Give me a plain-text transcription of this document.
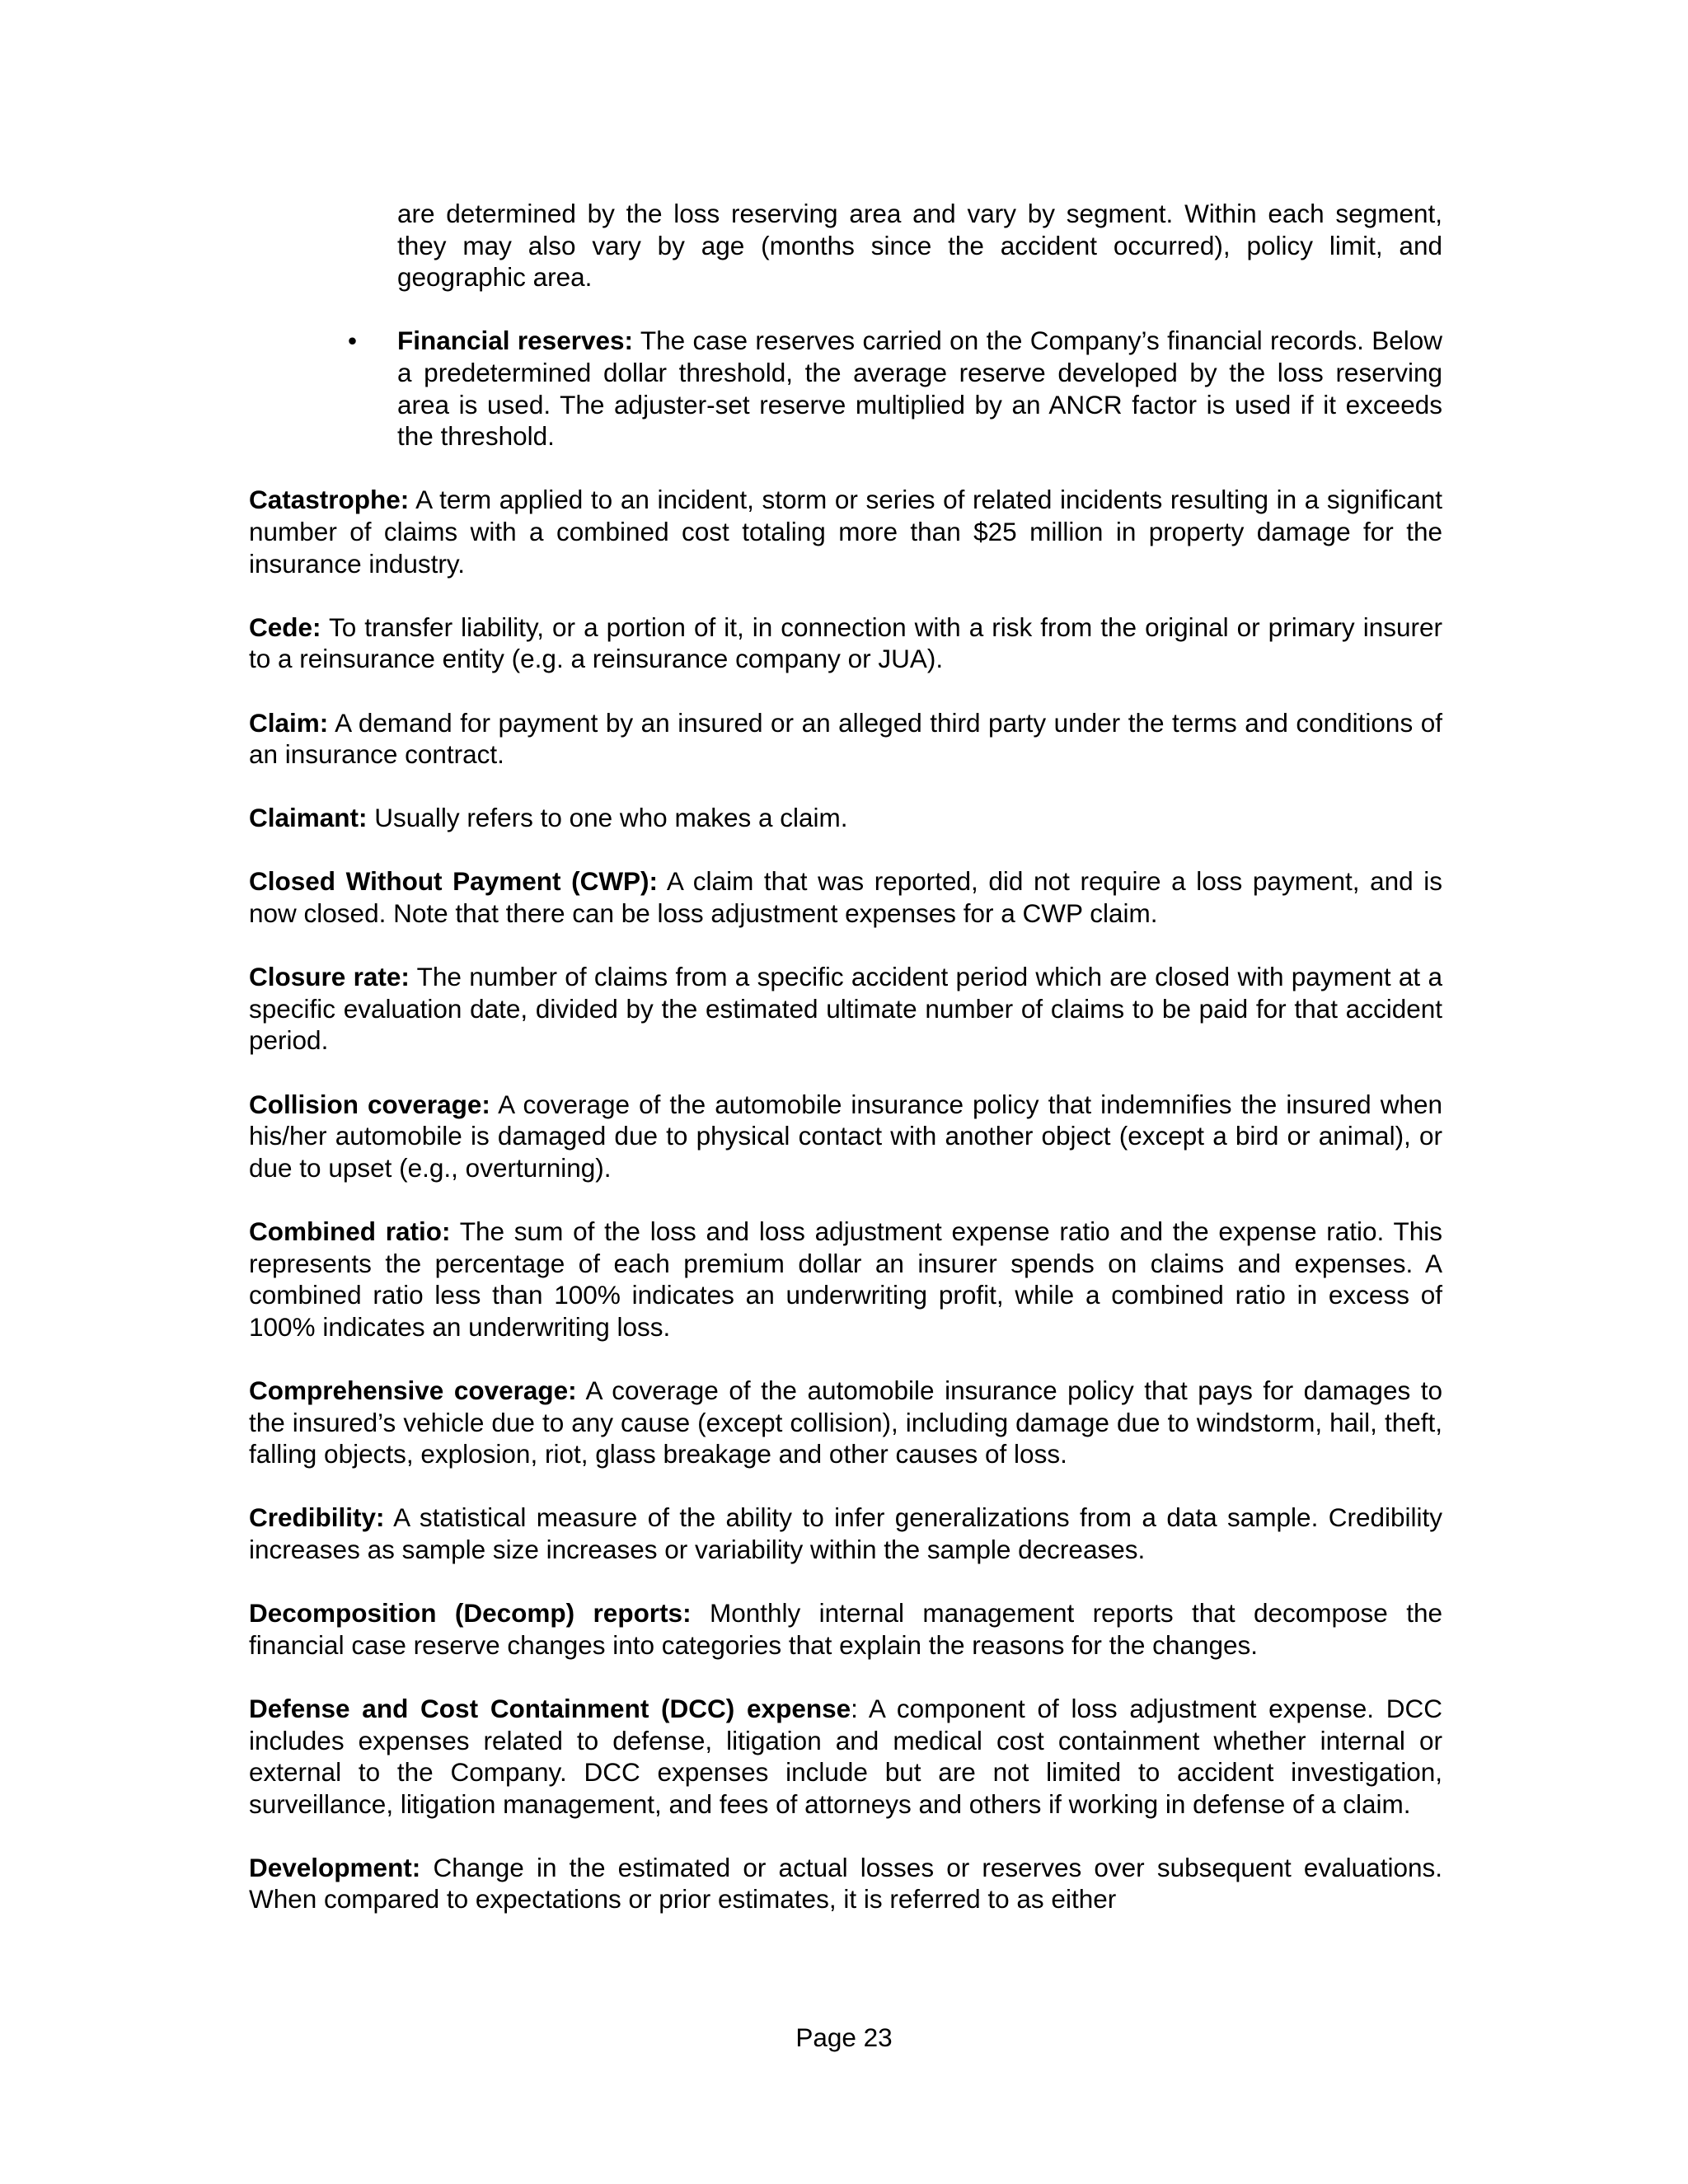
are determined by the loss reserving area and vary by segment. Within each segment, they may also vary by age (months since the accident occurred), policy limit, and geographic area.

• Financial reserves: The case reserves carried on the Company’s financial records. Below a predetermined dollar threshold, the average reserve developed by the loss reserving area is used. The adjuster-set reserve multiplied by an ANCR factor is used if it exceeds the threshold.

Catastrophe: A term applied to an incident, storm or series of related incidents resulting in a significant number of claims with a combined cost totaling more than $25 million in property damage for the insurance industry.

Cede: To transfer liability, or a portion of it, in connection with a risk from the original or primary insurer to a reinsurance entity (e.g. a reinsurance company or JUA).

Claim: A demand for payment by an insured or an alleged third party under the terms and conditions of an insurance contract.

Claimant: Usually refers to one who makes a claim.

Closed Without Payment (CWP): A claim that was reported, did not require a loss payment, and is now closed. Note that there can be loss adjustment expenses for a CWP claim.

Closure rate: The number of claims from a specific accident period which are closed with payment at a specific evaluation date, divided by the estimated ultimate number of claims to be paid for that accident period.

Collision coverage: A coverage of the automobile insurance policy that indemnifies the insured when his/her automobile is damaged due to physical contact with another object (except a bird or animal), or due to upset (e.g., overturning).

Combined ratio: The sum of the loss and loss adjustment expense ratio and the expense ratio. This represents the percentage of each premium dollar an insurer spends on claims and expenses. A combined ratio less than 100% indicates an underwriting profit, while a combined ratio in excess of 100% indicates an underwriting loss.

Comprehensive coverage: A coverage of the automobile insurance policy that pays for damages to the insured’s vehicle due to any cause (except collision), including damage due to windstorm, hail, theft, falling objects, explosion, riot, glass breakage and other causes of loss.

Credibility: A statistical measure of the ability to infer generalizations from a data sample. Credibility increases as sample size increases or variability within the sample decreases.

Decomposition (Decomp) reports: Monthly internal management reports that decompose the financial case reserve changes into categories that explain the reasons for the changes.

Defense and Cost Containment (DCC) expense: A component of loss adjustment expense. DCC includes expenses related to defense, litigation and medical cost containment whether internal or external to the Company. DCC expenses include but are not limited to accident investigation, surveillance, litigation management, and fees of attorneys and others if working in defense of a claim.

Development: Change in the estimated or actual losses or reserves over subsequent evaluations. When compared to expectations or prior estimates, it is referred to as either

Page 23
